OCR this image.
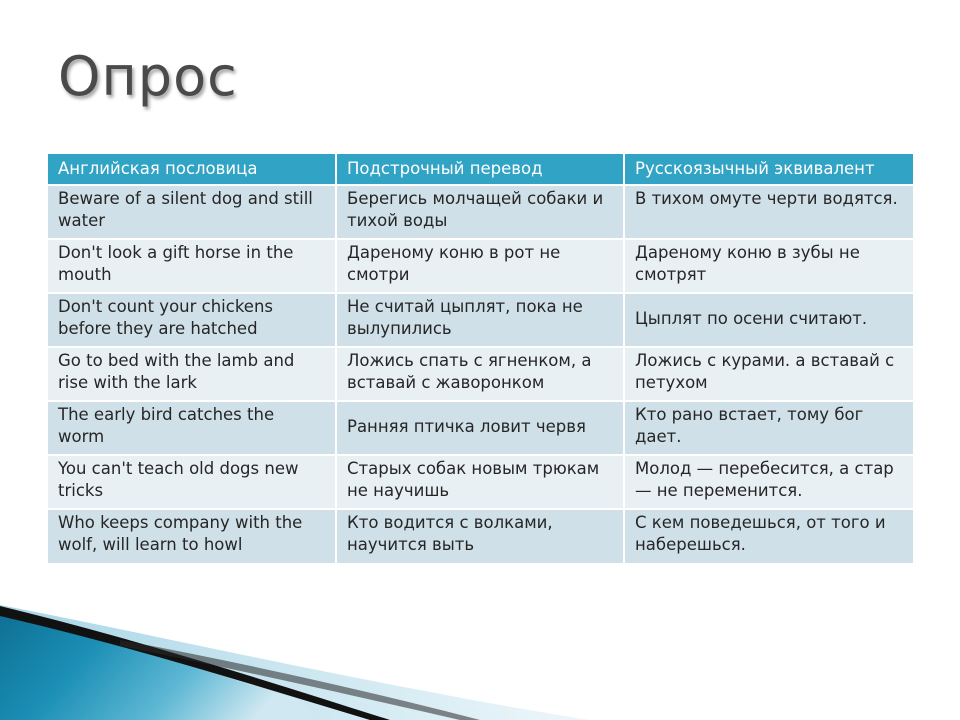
Опрос
Английская пословица	Подстрочный перевод	Русскоязычный эквивалент
Beware of a silent dog and still water	Берегись молчащей собаки и тихой воды	В тихом омуте черти водятся.
Don't look a gift horse in the mouth	Дареному коню в рот не смотри	Дареному коню в зубы не смотрят
Don't count your chickens before they are hatched	Не считай цыплят, пока не вылупились	Цыплят по осени считают.
Go to bed with the lamb and rise with the lark	Ложись спать с ягненком, а вставай с жаворонком	Ложись с курами. а вставай с петухом
The early bird catches the worm	Ранняя птичка ловит червя	Кто рано встает, тому бог дает.
You can't teach old dogs new tricks	Старых собак новым трюкам не научишь	Молод — перебесится, а стар — не переменится.
Who keeps company with the wolf, will learn to howl	Кто водится с волками, научится выть	С кем поведешься, от того и наберешься.
